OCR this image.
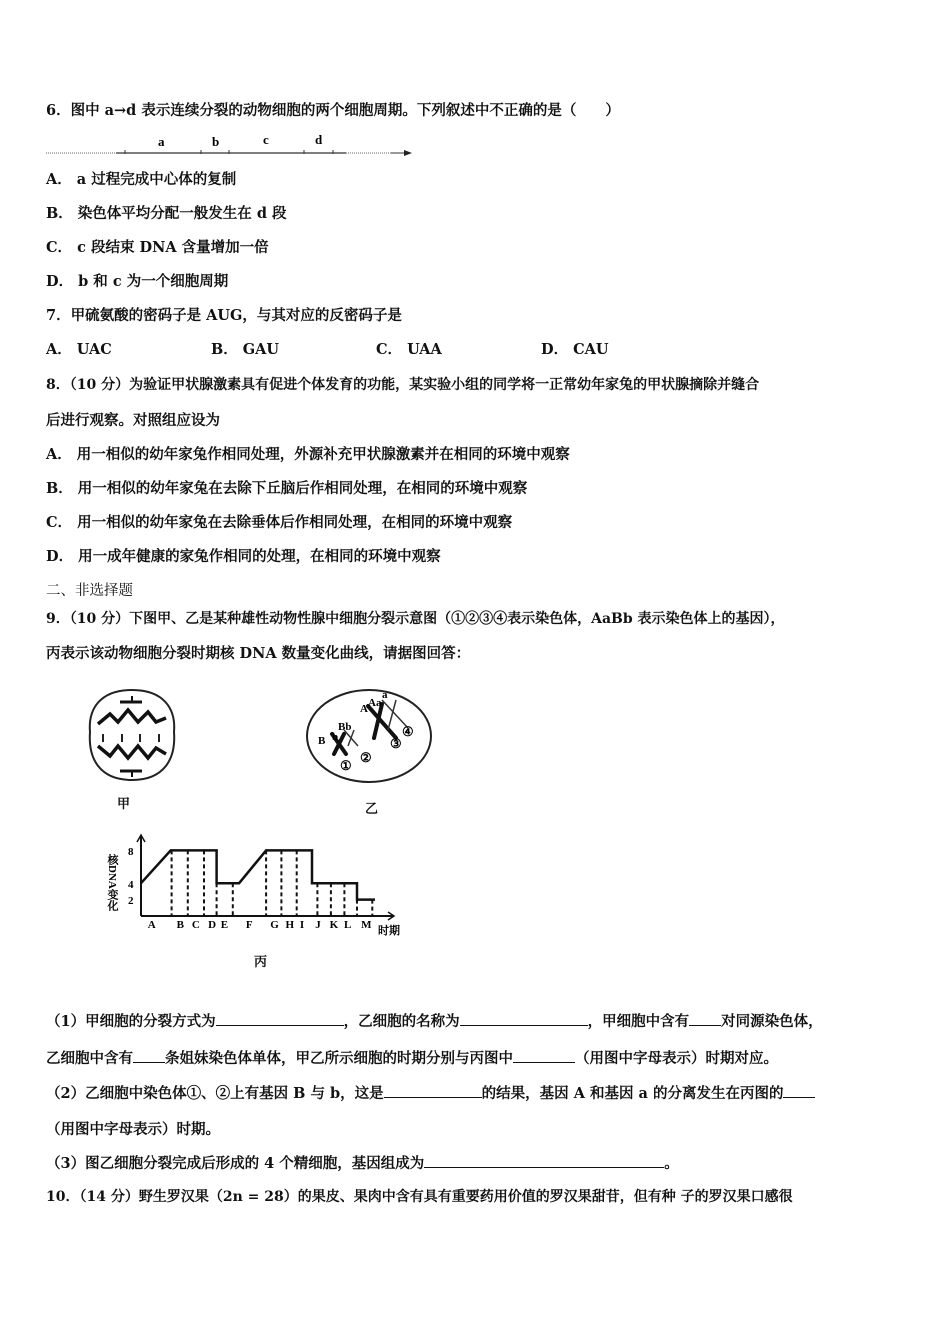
6．图中 a→d 表示连续分裂的动物细胞的两个细胞周期。下列叙述中不正确的是（　　）
a	b	c	d
A． a 过程完成中心体的复制
B． 染色体平均分配一般发生在 d 段
C． c 段结束 DNA 含量增加一倍
D． b 和 c 为一个细胞周期
7．甲硫氨酸的密码子是 AUG，与其对应的反密码子是
A． UAC	B． GAU	C． UAA	D． CAU
8．（10 分）为验证甲状腺激素具有促进个体发育的功能，某实验小组的同学将一正常幼年家兔的甲状腺摘除并缝合
后进行观察。对照组应设为
A． 用一相似的幼年家兔作相同处理，外源补充甲状腺激素并在相同的环境中观察
B． 用一相似的幼年家兔在去除下丘脑后作相同处理，在相同的环境中观察
C． 用一相似的幼年家兔在去除垂体后作相同处理，在相同的环境中观察
D． 用一成年健康的家兔作相同的处理，在相同的环境中观察
二、非选择题
9．（10 分）下图甲、乙是某种雄性动物性腺中细胞分裂示意图（①②③④表示染色体，AaBb 表示染色体上的基因），
丙表示该动物细胞分裂时期核 DNA 数量变化曲线，请据图回答：
甲
B b
Bb
A Aa
a
①
②
③
④
乙
A B C D E F G H I J K L M
核DNA变化
时期
8
4
2
丙
（1）甲细胞的分裂方式为	，乙细胞的名称为	，甲细胞中含有 对同源染色体，
乙细胞中含有 条姐妹染色体单体，甲乙所示细胞的时期分别与丙图中	（用图中字母表示）时期对应。
（2）乙细胞中染色体①、②上有基因 B 与 b，这是	的结果，基因 A 和基因 a 的分离发生在丙图的
（用图中字母表示）时期。
（3）图乙细胞分裂完成后形成的 4 个精细胞，基因组成为	。
10．（14 分）野生罗汉果（2n = 28）的果皮、果肉中含有具有重要药用价值的罗汉果甜苷，但有种 子的罗汉果口感很
